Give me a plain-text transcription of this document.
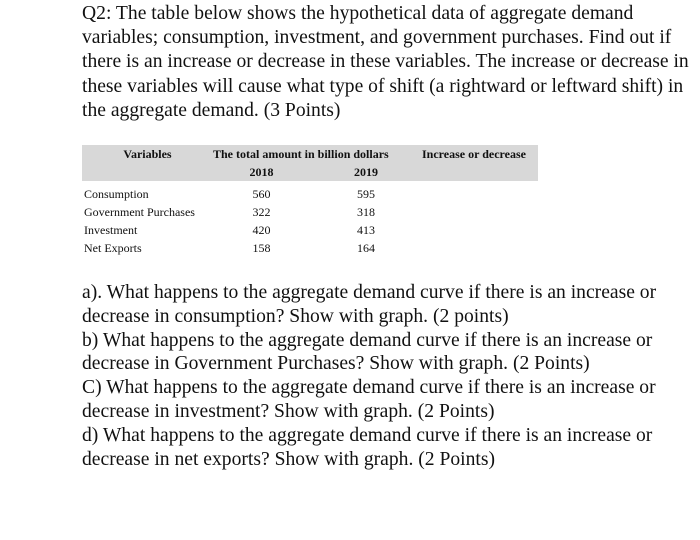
Q2: The table below shows the hypothetical data of aggregate demand variables; consumption, investment, and government purchases. Find out if there is an increase or decrease in these variables. The increase or decrease in these variables will cause what type of shift (a rightward or leftward shift) in the aggregate demand. (3 Points)

Variables	The total amount in billion dollars		Increase or decrease
	2018	2019	

Consumption	560	595	
Government Purchases	322	318	
Investment	420	413	
Net Exports	158	164	

a). What happens to the aggregate demand curve if there is an increase or decrease in consumption? Show with graph. (2 points)

b) What happens to the aggregate demand curve if there is an increase or decrease in Government Purchases? Show with graph. (2 Points)

C) What happens to the aggregate demand curve if there is an increase or decrease in investment? Show with graph. (2 Points)

d) What happens to the aggregate demand curve if there is an increase or decrease in net exports? Show with graph. (2 Points)
